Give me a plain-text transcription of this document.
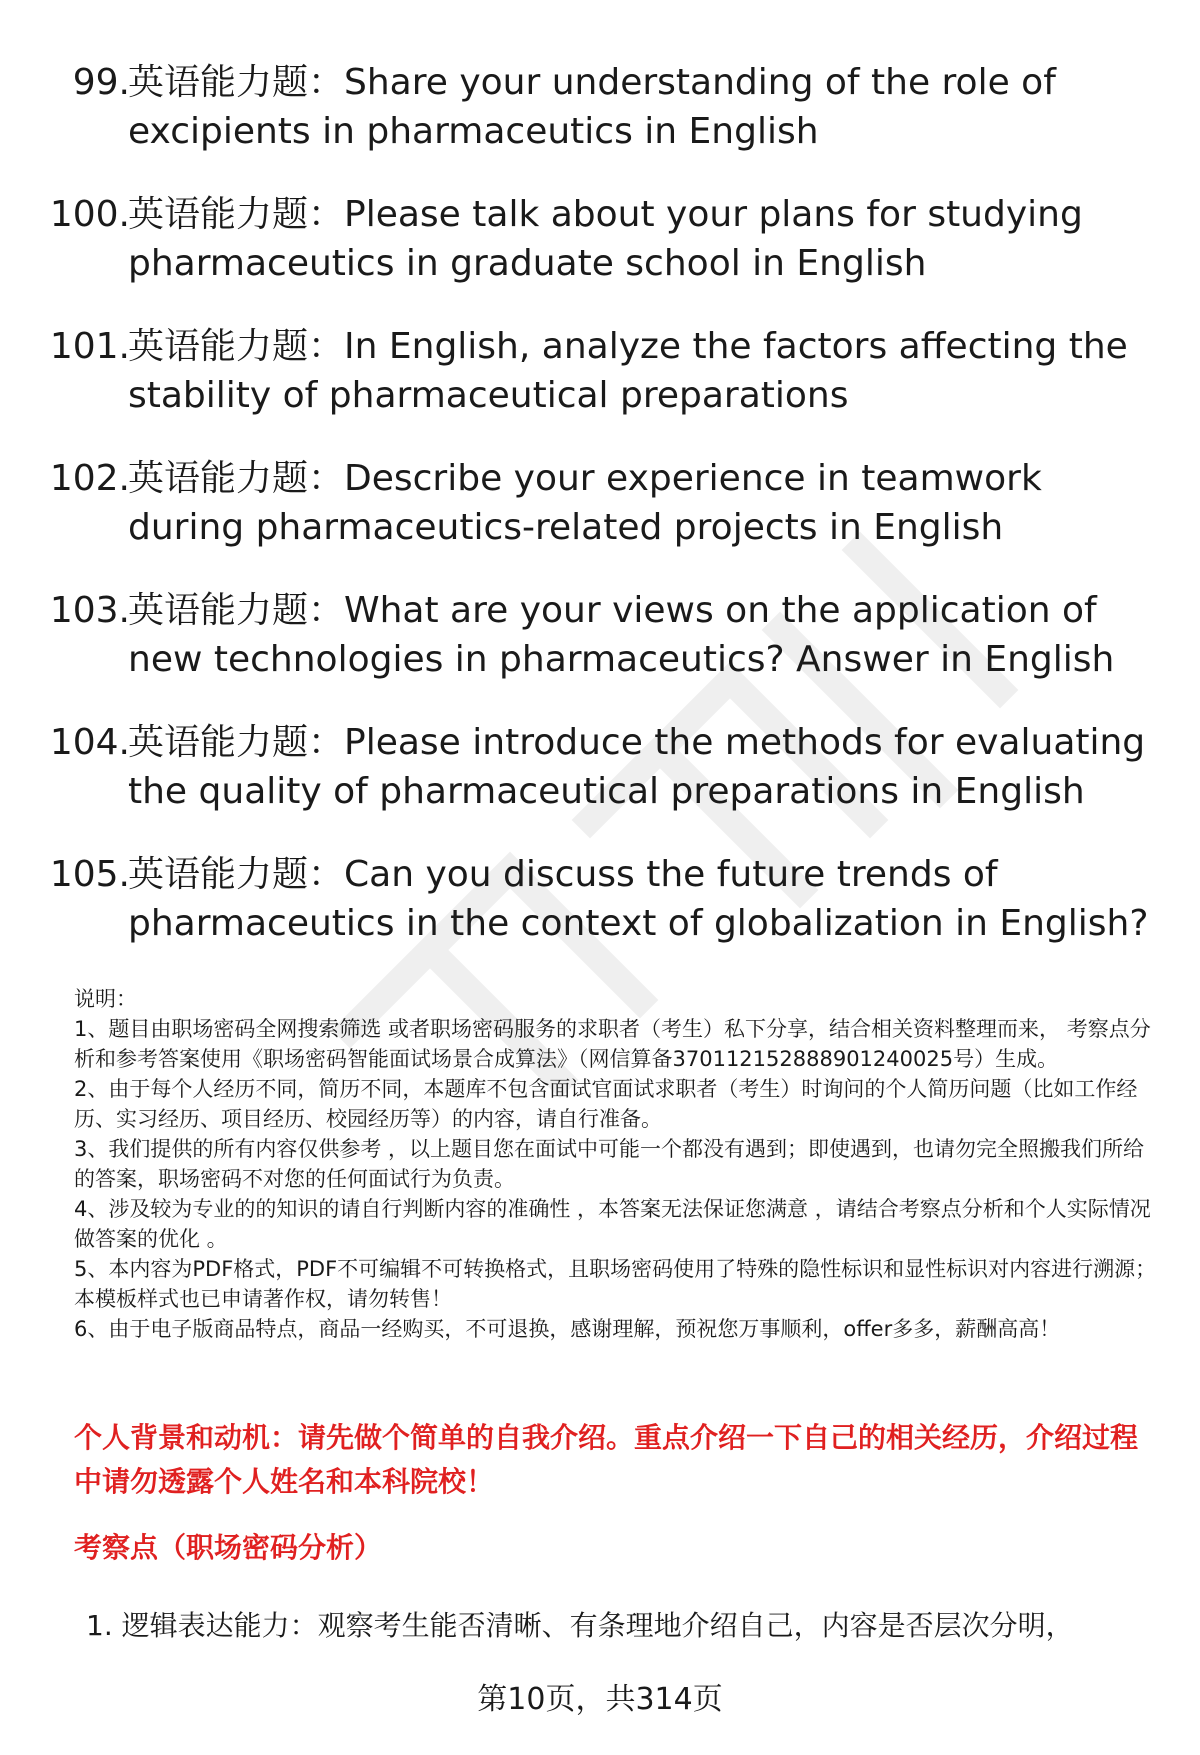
99.
英语能力题：Share your understanding of the role of excipients in pharmaceutics in English
100.
英语能力题：Please talk about your plans for studying pharmaceutics in graduate school in English
101.
英语能力题：In English, analyze the factors affecting the stability of pharmaceutical preparations
102.
英语能力题：Describe your experience in teamwork during pharmaceutics-related projects in English
103.
英语能力题：What are your views on the application of new technologies in pharmaceutics? Answer in English
104.
英语能力题：Please introduce the methods for evaluating the quality of pharmaceutical preparations in English
105.
英语能力题：Can you discuss the future trends of pharmaceutics in the context of globalization in English?

说明：

1、题目由职场密码全网搜索筛选 或者职场密码服务的求职者（考生）私下分享，结合相关资料整理而来， 考察点分析和参考答案使用《职场密码智能面试场景合成算法》（网信算备370112152888901240025号）生成。

2、由于每个人经历不同，简历不同，本题库不包含面试官面试求职者（考生）时询问的个人简历问题（比如工作经历、实习经历、项目经历、校园经历等）的内容，请自行准备。

3、我们提供的所有内容仅供参考 ，以上题目您在面试中可能一个都没有遇到；即使遇到，也请勿完全照搬我们所给的答案，职场密码不对您的任何面试行为负责。

4、涉及较为专业的的知识的请自行判断内容的准确性 ，本答案无法保证您满意 ，请结合考察点分析和个人实际情况做答案的优化 。

5、本内容为PDF格式，PDF不可编辑不可转换格式，且职场密码使用了特殊的隐性标识和显性标识对内容进行溯源；本模板样式也已申请著作权，请勿转售！

6、由于电子版商品特点，商品一经购买，不可退换，感谢理解，预祝您万事顺利，offer多多，薪酬高高！

个人背景和动机：请先做个简单的自我介绍。重点介绍一下自己的相关经历，介绍过程中请勿透露个人姓名和本科院校！
考察点（职场密码分析）
1. 逻辑表达能力：观察考生能否清晰、有条理地介绍自己，内容是否层次分明，
第10页，共314页
